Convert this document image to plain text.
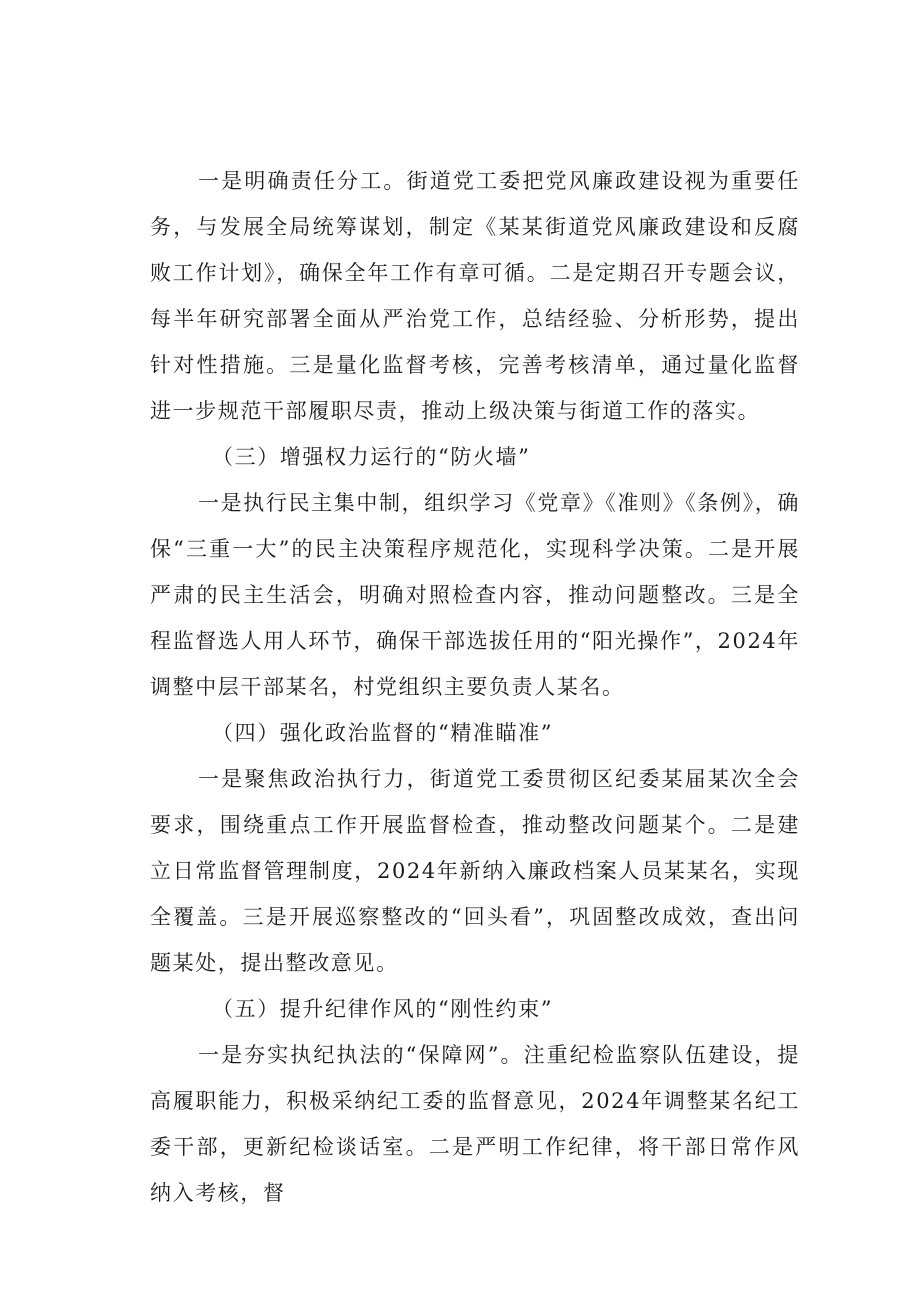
一是明确责任分工。街道党工委把党风廉政建设视为重要任务，与发展全局统筹谋划，制定《某某街道党风廉政建设和反腐败工作计划》，确保全年工作有章可循。二是定期召开专题会议，每半年研究部署全面从严治党工作，总结经验、分析形势，提出针对性措施。三是量化监督考核，完善考核清单，通过量化监督进一步规范干部履职尽责，推动上级决策与街道工作的落实。

（三）增强权力运行的“防火墙”

一是执行民主集中制，组织学习《党章》《准则》《条例》，确保“三重一大”的民主决策程序规范化，实现科学决策。二是开展严肃的民主生活会，明确对照检查内容，推动问题整改。三是全程监督选人用人环节，确保干部选拔任用的“阳光操作”，2024年调整中层干部某名，村党组织主要负责人某名。

（四）强化政治监督的“精准瞄准”

一是聚焦政治执行力，街道党工委贯彻区纪委某届某次全会要求，围绕重点工作开展监督检查，推动整改问题某个。二是建立日常监督管理制度，2024年新纳入廉政档案人员某某名，实现全覆盖。三是开展巡察整改的“回头看”，巩固整改成效，查出问题某处，提出整改意见。

（五）提升纪律作风的“刚性约束”

一是夯实执纪执法的“保障网”。注重纪检监察队伍建设，提高履职能力，积极采纳纪工委的监督意见，2024年调整某名纪工委干部，更新纪检谈话室。二是严明工作纪律，将干部日常作风纳入考核，督
